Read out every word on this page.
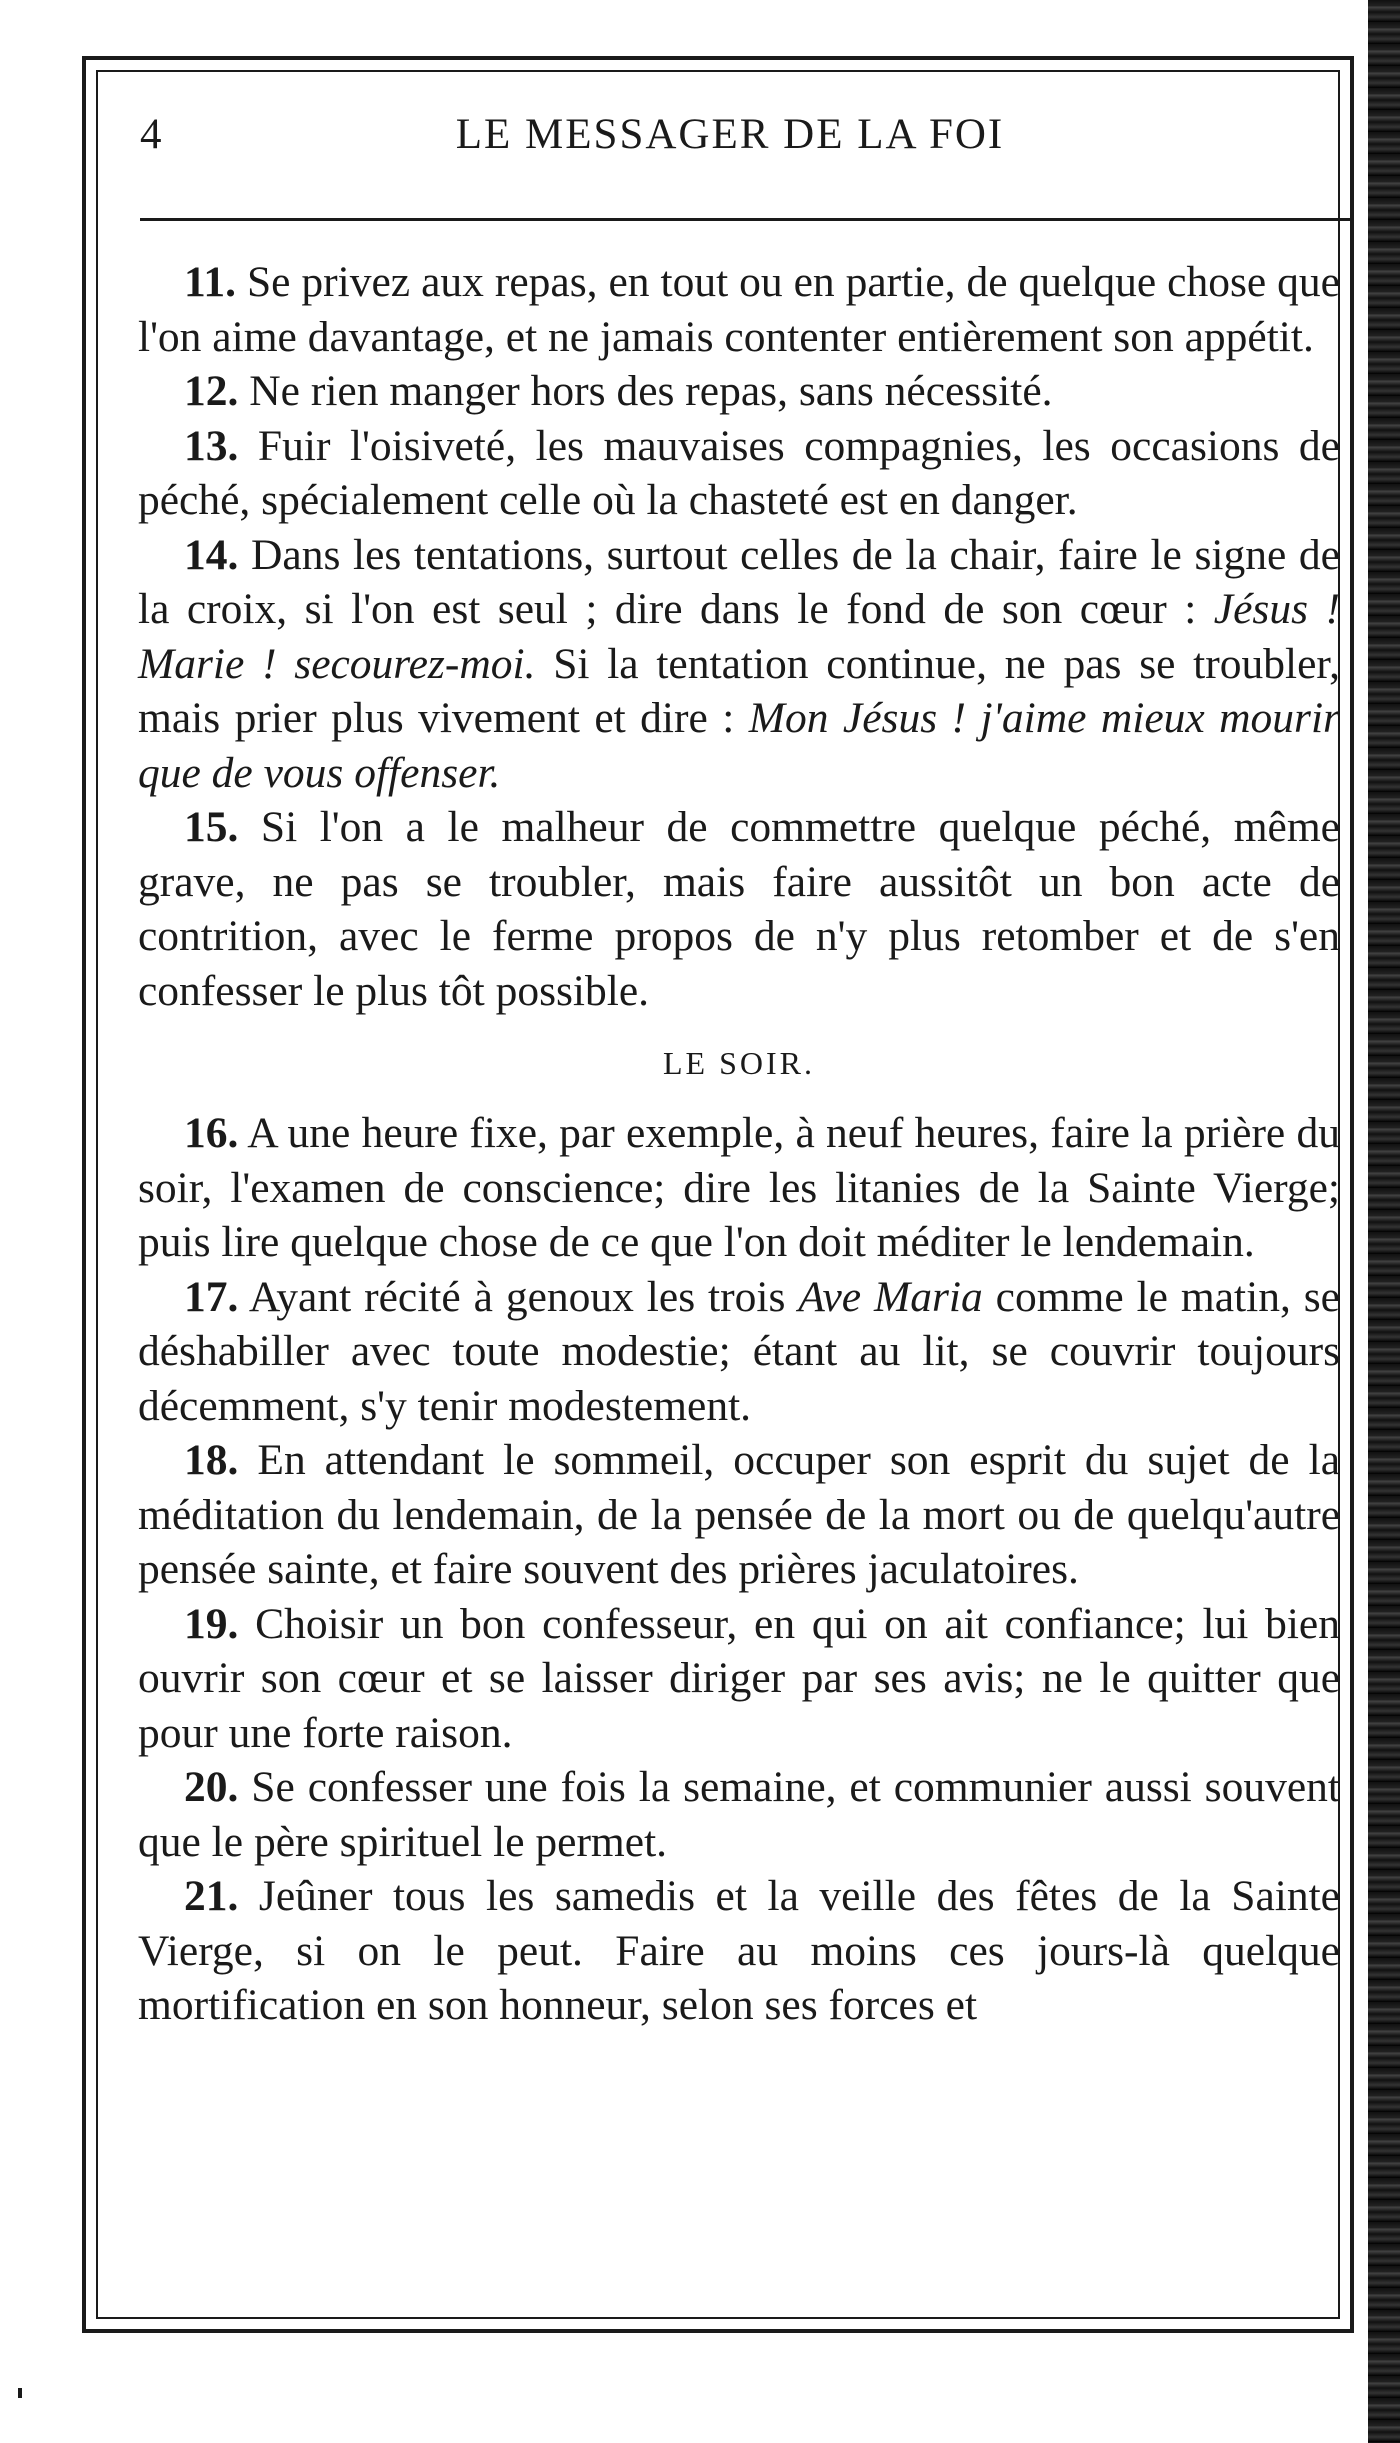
4	LE MESSAGER DE LA FOI

11. Se privez aux repas, en tout ou en partie, de quelque chose que l'on aime davantage, et ne jamais contenter entièrement son appétit.

12. Ne rien manger hors des repas, sans nécessité.

13. Fuir l'oisiveté, les mauvaises compagnies, les occasions de péché, spécialement celle où la chasteté est en danger.

14. Dans les tentations, surtout celles de la chair, faire le signe de la croix, si l'on est seul ; dire dans le fond de son cœur : Jésus ! Marie ! secourez-moi. Si la tentation continue, ne pas se troubler, mais prier plus vivement et dire : Mon Jésus ! j'aime mieux mourir que de vous offenser.

15. Si l'on a le malheur de commettre quelque péché, même grave, ne pas se troubler, mais faire aussitôt un bon acte de contrition, avec le ferme propos de n'y plus retomber et de s'en confesser le plus tôt possible.

LE SOIR.

16. A une heure fixe, par exemple, à neuf heures, faire la prière du soir, l'examen de conscience; dire les litanies de la Sainte Vierge; puis lire quelque chose de ce que l'on doit méditer le lendemain.

17. Ayant récité à genoux les trois Ave Maria comme le matin, se déshabiller avec toute modestie; étant au lit, se couvrir toujours décemment, s'y tenir modestement.

18. En attendant le sommeil, occuper son esprit du sujet de la méditation du lendemain, de la pensée de la mort ou de quelqu'autre pensée sainte, et faire souvent des prières jaculatoires.

19. Choisir un bon confesseur, en qui on ait confiance; lui bien ouvrir son cœur et se laisser diriger par ses avis; ne le quitter que pour une forte raison.

20. Se confesser une fois la semaine, et communier aussi souvent que le père spirituel le permet.

21. Jeûner tous les samedis et la veille des fêtes de la Sainte Vierge, si on le peut. Faire au moins ces jours-là quelque mortification en son honneur, selon ses forces et
